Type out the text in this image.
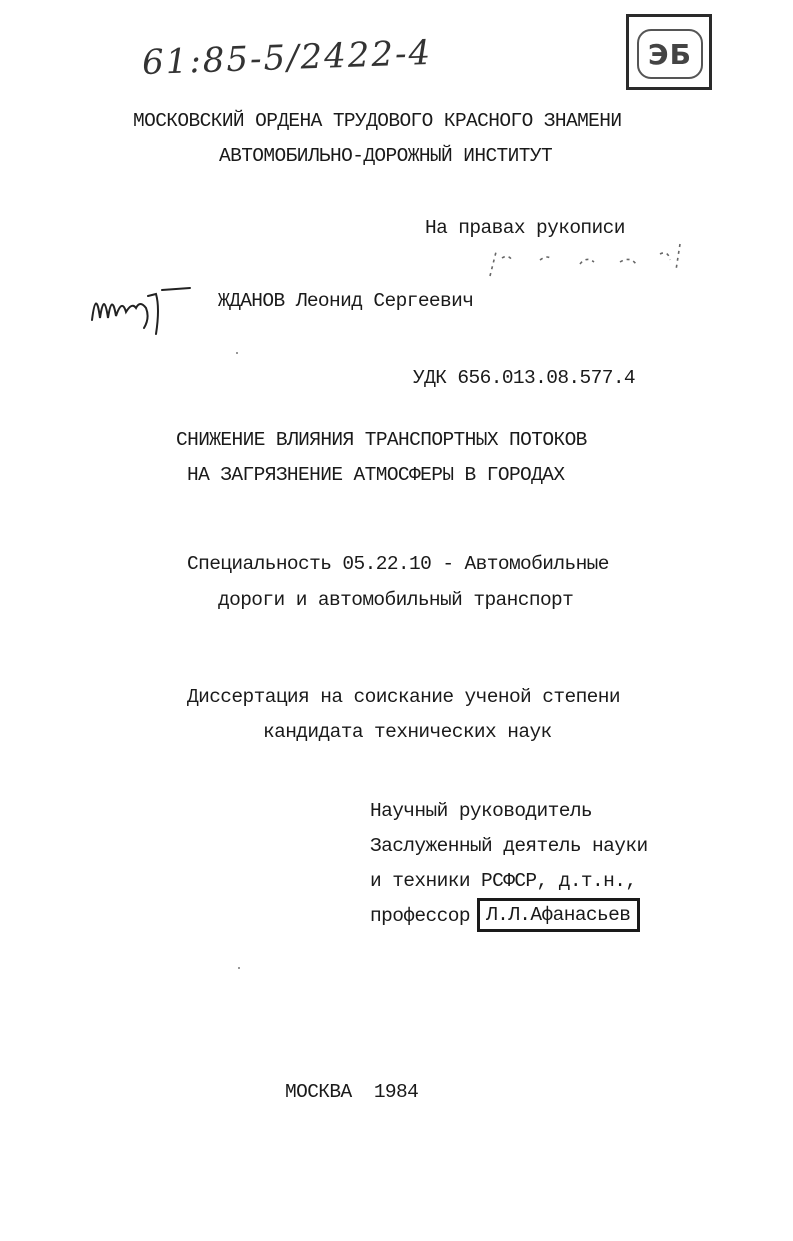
61:85-5/2422-4	ЭБ
МОСКОВСКИЙ ОРДЕНА ТРУДОВОГО КРАСНОГО ЗНАМЕНИ
АВТОМОБИЛЬНО-ДОРОЖНЫЙ ИНСТИТУТ
На правах рукописи
ЖДАНОВ Леонид Сергеевич
УДК 656.013.08.577.4
СНИЖЕНИЕ ВЛИЯНИЯ ТРАНСПОРТНЫХ ПОТОКОВ
НА ЗАГРЯЗНЕНИЕ АТМОСФЕРЫ В ГОРОДАХ
Специальность 05.22.10 - Автомобильные
дороги и автомобильный транспорт
Диссертация на соискание ученой степени
кандидата технических наук
Научный руководитель
Заслуженный деятель науки
и техники РСФСР, д.т.н.,
профессор Л.Л.Афанасьев
МОСКВА  1984
